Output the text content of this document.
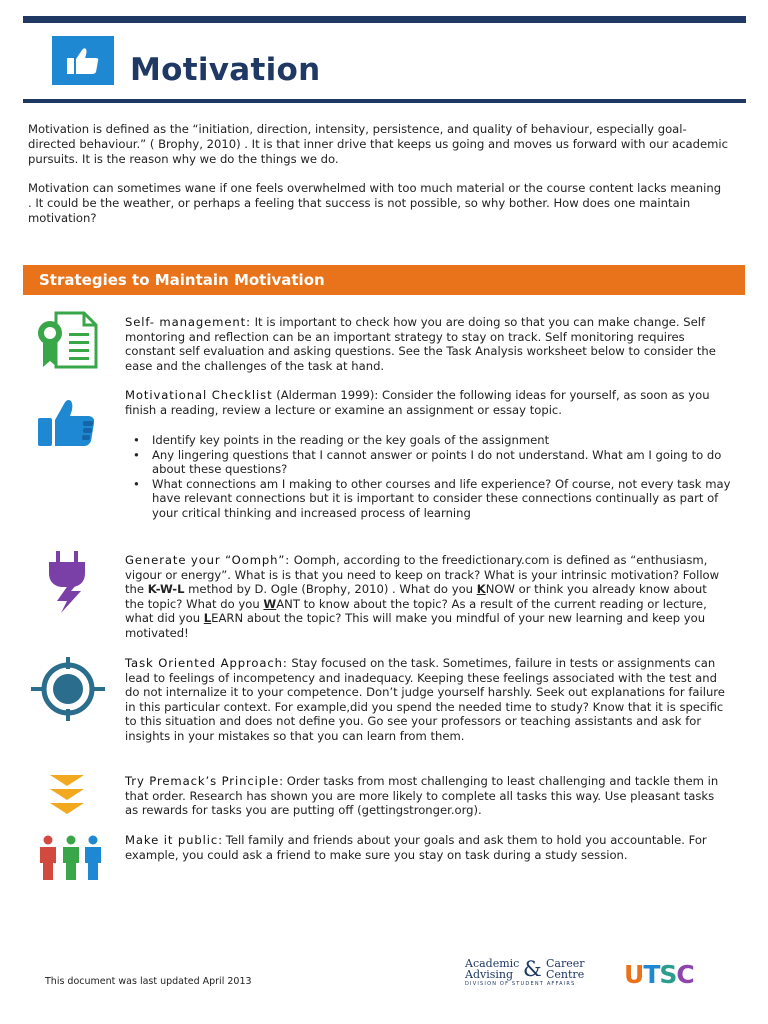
Motivation

Motivation is defined as the “initiation, direction, intensity, persistence, and quality of behaviour, especially goal- directed behaviour.” ( Brophy, 2010) . It is that inner drive that keeps us going and moves us forward with our academic pursuits. It is the reason why we do the things we do.

Motivation can sometimes wane if one feels overwhelmed with too much material or the course content lacks meaning . It could be the weather, or perhaps a feeling that success is not possible, so why bother. How does one maintain motivation?

Strategies to Maintain Motivation

Self- management: It is important to check how you are doing so that you can make change. Self montoring and reflection can be an important strategy to stay on track. Self monitoring requires constant self evaluation and asking questions. See the Task Analysis worksheet below to consider the ease and the challenges of the task at hand.

Motivational Checklist (Alderman 1999): Consider the following ideas for yourself, as soon as you finish a reading, review a lecture or examine an assignment or essay topic.

• Identify key points in the reading or the key goals of the assignment
• Any lingering questions that I cannot answer or points I do not understand. What am I going to do about these questions?
• What connections am I making to other courses and life experience? Of course, not every task may have relevant connections but it is important to consider these connections continually as part of your critical thinking and increased process of learning

Generate your “Oomph”: Oomph, according to the freedictionary.com is defined as “enthusiasm, vigour or energy”. What is is that you need to keep on track? What is your intrinsic motivation? Follow the K-W-L method by D. Ogle (Brophy, 2010) . What do you KNOW or think you already know about the topic? What do you WANT to know about the topic? As a result of the current reading or lecture, what did you LEARN about the topic? This will make you mindful of your new learning and keep you motivated!

Task Oriented Approach: Stay focused on the task. Sometimes, failure in tests or assignments can lead to feelings of incompetency and inadequacy. Keeping these feelings associated with the test and do not internalize it to your competence. Don’t judge yourself harshly. Seek out explanations for failure in this particular context. For example,did you spend the needed time to study? Know that it is specific to this situation and does not define you. Go see your professors or teaching assistants and ask for insights in your mistakes so that you can learn from them.

Try Premack’s Principle: Order tasks from most challenging to least challenging and tackle them in that order. Research has shown you are more likely to complete all tasks this way. Use pleasant tasks as rewards for tasks you are putting off (gettingstronger.org).

Make it public: Tell family and friends about your goals and ask them to hold you accountable. For example, you could ask a friend to make sure you stay on task during a study session.

This document was last updated April 2013
Academic
Advising & Career
Centre
DIVISION OF STUDENT AFFAIRS UTSC
